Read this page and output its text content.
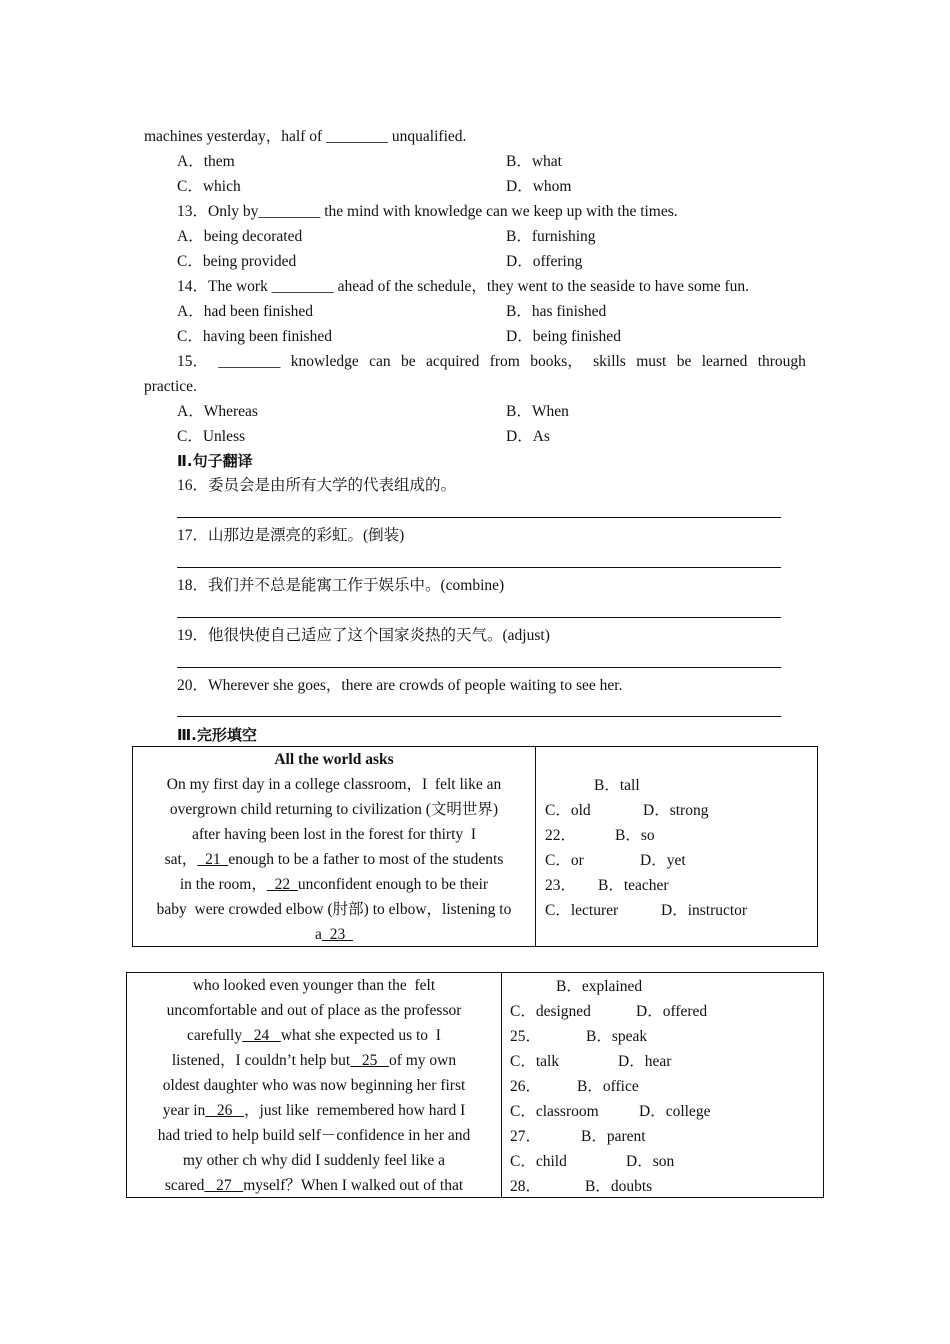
machines yesterday，half of ________ unqualified.
A．them	B．what
C．which	D．whom
13．Only by________ the mind with knowledge can we keep up with the times.
A．being decorated	B．furnishing
C．being provided	D．offering
14．The work ________ ahead of the schedule，they went to the seaside to have some fun.
A．had been finished	B．has finished
C．having been finished	D．being finished
15． ________ knowledge can be acquired from books， skills must be learned through
practice.
A．Whereas	B．When
C．Unless	D．As
Ⅱ.句子翻译
16．委员会是由所有大学的代表组成的。
17．山那边是漂亮的彩虹。(倒装)
18．我们并不总是能寓工作于娱乐中。(combine)
19．他很快使自己适应了这个国家炎热的天气。(adjust)
20．Wherever she goes，there are crowds of people waiting to see her.
Ⅲ.完形填空
All the world asks
On my first day in a college classroom，I  felt like an
overgrown child returning to civilization (文明世界)
after having been lost in the forest for thirty  I
sat，  21  enough to be a father to most of the students
in the room，  22  unconfident enough to be their
baby  were crowded elbow (肘部) to elbow，listening to
a  23
B．tall
C．old	D．strong
22．	B．so
C．or	D．yet
23． B．teacher
C．lecturer	D．instructor
who looked even younger than the  felt
uncomfortable and out of place as the professor
carefully   24   what she expected us to  I
listened，I couldn’t help but   25   of my own
oldest daughter who was now beginning her first
year in   26   ，just like  remembered how hard I
had tried to help build self－confidence in her and
my other ch why did I suddenly feel like a
scared   27   myself？When I walked out of that
B．explained
C．designed	D．offered
25．	B．speak
C．talk	D．hear
26． B．office
C．classroom	D．college
27．	B．parent
C．child	D．son
28．	B．doubts
